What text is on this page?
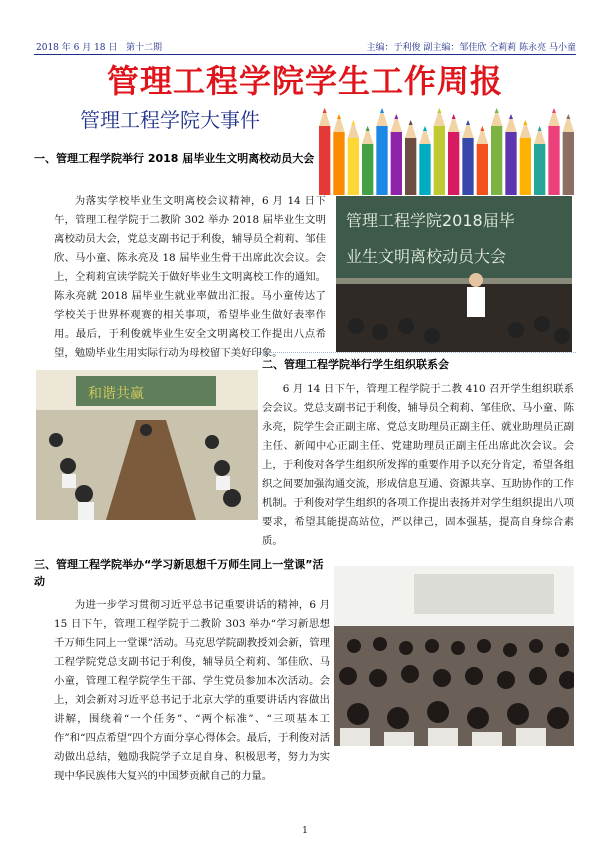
2018 年 6 月 18 日 第十二期	主编：于利俊 副主编：邹佳欣 仝莉莉 陈永亮 马小童
管理工程学院学生工作周报
管理工程学院大事件
一、管理工程学院举行 2018 届毕业生文明离校动员大会
为落实学校毕业生文明离校会议精神，6 月 14 日下午，管理工程学院于二教阶 302 举办 2018 届毕业生文明离校动员大会，党总支副书记于利俊，辅导员仝莉莉、邹佳欣、马小童、陈永亮及 18 届毕业生骨干出席此次会议。会上，仝莉莉宣读学院关于做好毕业生文明离校工作的通知。陈永亮就 2018 届毕业生就业率做出汇报。马小童传达了学校关于世界杯观赛的相关事项，希望毕业生做好表率作用。最后，于利俊就毕业生安全文明离校工作提出八点希望，勉励毕业生用实际行动为母校留下美好印象。
管理工程学院2018届毕
业生文明离校动员大会
和谐共赢
二、管理工程学院举行学生组织联系会
6 月 14 日下午，管理工程学院于二教 410 召开学生组织联系会会议。党总支副书记于利俊，辅导员仝莉莉、邹佳欣、马小童、陈永亮，院学生会正副主席、党总支助理员正副主任、就业助理员正副主任、新闻中心正副主任、党建助理员正副主任出席此次会议。会上，于利俊对各学生组织所发挥的重要作用予以充分肯定，希望各组织之间要加强沟通交流，形成信息互通、资源共享、互助协作的工作机制。于利俊对学生组织的各项工作提出表扬并对学生组织提出八项要求，希望其能提高站位，严以律己，固本强基，提高自身综合素质。
三、管理工程学院举办“学习新思想千万师生同上一堂课”活动
为进一步学习贯彻习近平总书记重要讲话的精神，6 月 15 日下午，管理工程学院于二教阶 303 举办“学习新思想千万师生同上一堂课”活动。马克思学院副教授刘会新，管理工程学院党总支副书记于利俊，辅导员仝莉莉、邹佳欣、马小童，管理工程学院学生干部、学生党员参加本次活动。会上，刘会新对习近平总书记于北京大学的重要讲话内容做出讲解，围绕着“一个任务”、“两个标准”、“三项基本工作”和“四点希望”四个方面分享心得体会。最后，于利俊对活动做出总结，勉励我院学子立足自身、积极思考，努力为实现中华民族伟大复兴的中国梦贡献自己的力量。
1
